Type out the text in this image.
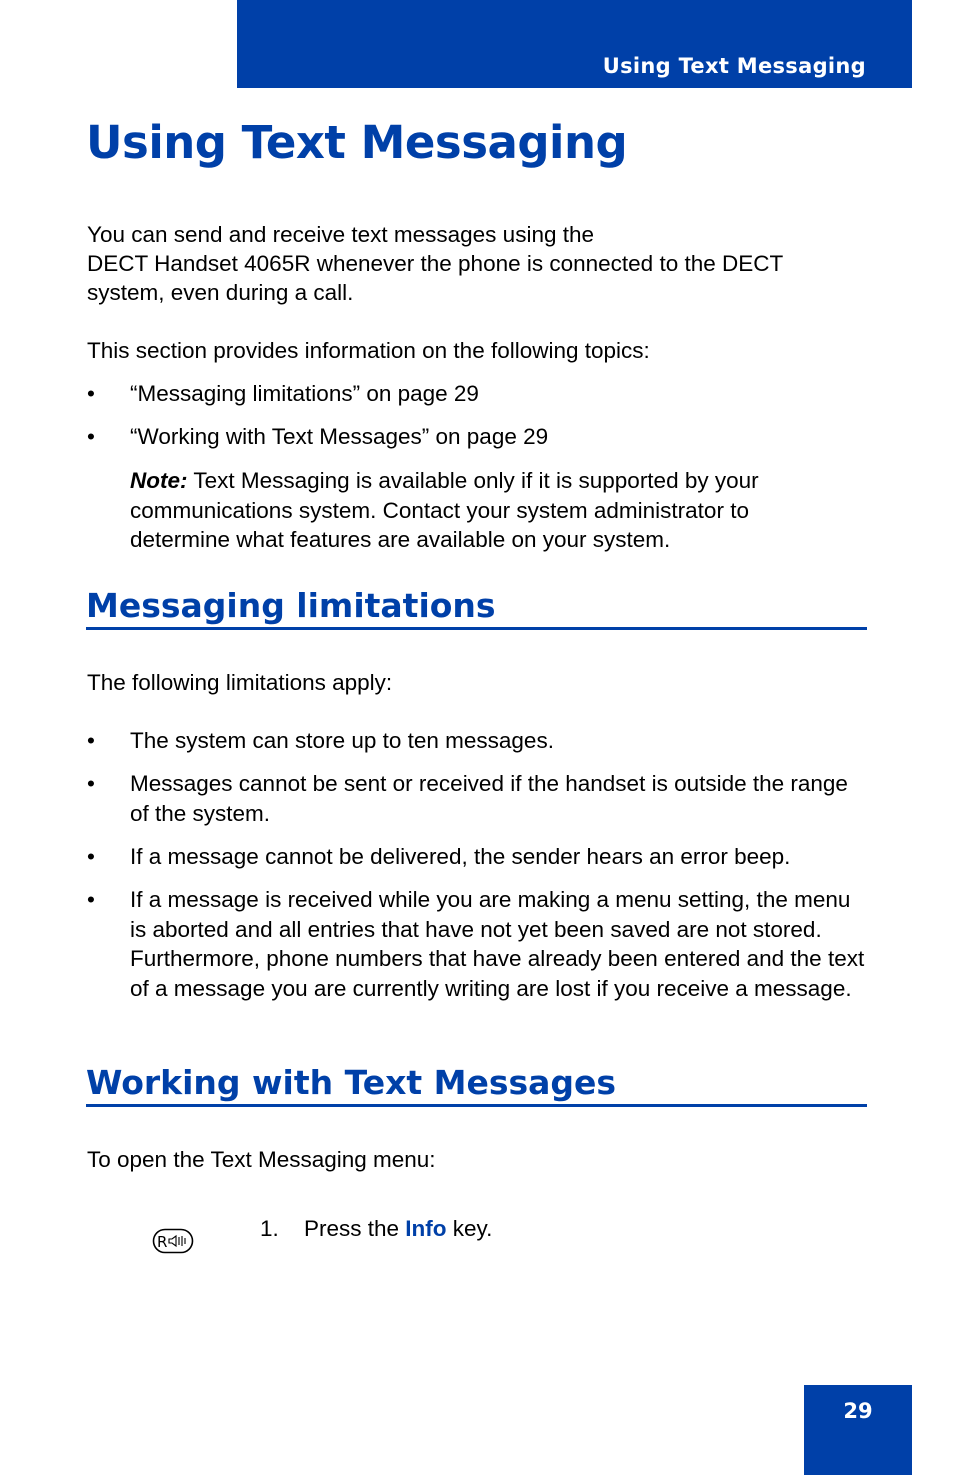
Using Text Messaging
Using Text Messaging

You can send and receive text messages using the

DECT Handset 4065R whenever the phone is connected to the DECT

system, even during a call.

This section provides information on the following topics:

• “Messaging limitations” on page 29
• “Working with Text Messages” on page 29

Note: Text Messaging is available only if it is supported by your communications system. Contact your system administrator to determine what features are available on your system.

Messaging limitations

The following limitations apply:

• The system can store up to ten messages.
• Messages cannot be sent or received if the handset is outside the range of the system.
• If a message cannot be delivered, the sender hears an error beep.
• If a message is received while you are making a menu setting, the menu is aborted and all entries that have not yet been saved are not stored. Furthermore, phone numbers that have already been entered and the text of a message you are currently writing are lost if you receive a message.
Working with Text Messages

To open the Text Messaging menu:

R
1. Press the Info key.
29
